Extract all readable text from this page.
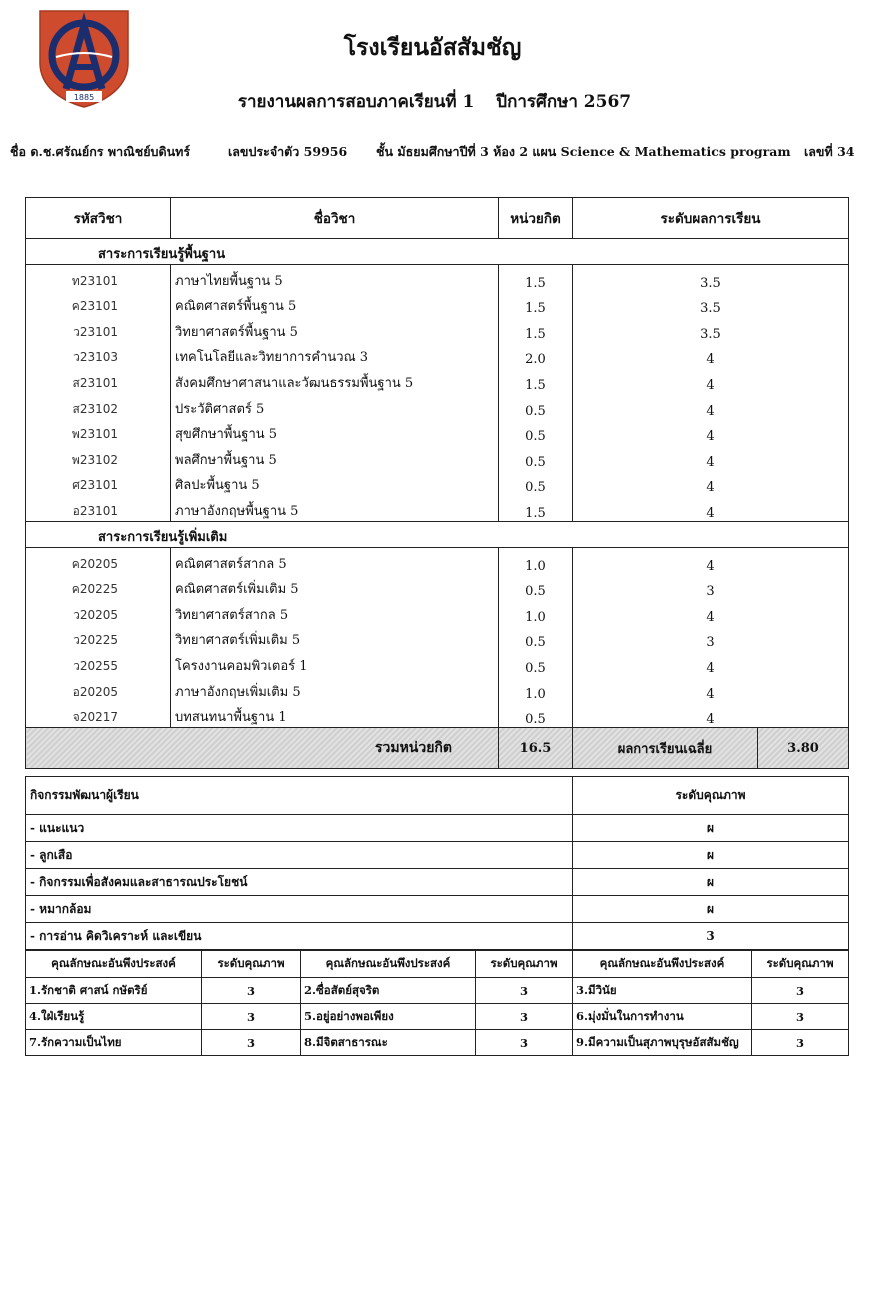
1885
โรงเรียนอัสสัมชัญ
รายงานผลการสอบภาคเรียนที่ 1 ปีการศึกษา 2567
ชื่อ ด.ช.ศรัณย์กร พาณิชย์บดินทร์	เลขประจำตัว 59956 ชั้น มัธยมศึกษาปีที่ 3 ห้อง 2 แผน Science & Mathematics program เลขที่ 34
รหัสวิชา	ชื่อวิชา	หน่วยกิต	ระดับผลการเรียน	
สาระการเรียนรู้พื้นฐาน				
ท23101	ภาษาไทยพื้นฐาน 5	1.5	3.5	
ค23101	คณิตศาสตร์พื้นฐาน 5	1.5	3.5	
ว23101	วิทยาศาสตร์พื้นฐาน 5	1.5	3.5	
ว23103	เทคโนโลยีและวิทยาการคำนวณ 3	2.0	4	
ส23101	สังคมศึกษาศาสนาและวัฒนธรรมพื้นฐาน 5	1.5	4	
ส23102	ประวัติศาสตร์ 5	0.5	4	
พ23101	สุขศึกษาพื้นฐาน 5	0.5	4	
พ23102	พลศึกษาพื้นฐาน 5	0.5	4	
ศ23101	ศิลปะพื้นฐาน 5	0.5	4	
อ23101	ภาษาอังกฤษพื้นฐาน 5	1.5	4	
สาระการเรียนรู้เพิ่มเติม				
ค20205	คณิตศาสตร์สากล 5	1.0	4	
ค20225	คณิตศาสตร์เพิ่มเติม 5	0.5	3	
ว20205	วิทยาศาสตร์สากล 5	1.0	4	
ว20225	วิทยาศาสตร์เพิ่มเติม 5	0.5	3	
ว20255	โครงงานคอมพิวเตอร์ 1	0.5	4	
อ20205	ภาษาอังกฤษเพิ่มเติม 5	1.0	4	
จ20217	บทสนทนาพื้นฐาน 1	0.5	4	
รวมหน่วยกิต		16.5	ผลการเรียนเฉลี่ย	3.80
กิจกรรมพัฒนาผู้เรียน	ระดับคุณภาพ
- แนะแนว	ผ
- ลูกเสือ	ผ
- กิจกรรมเพื่อสังคมและสาธารณประโยชน์	ผ
- หมากล้อม	ผ
- การอ่าน คิดวิเคราะห์ และเขียน	3
คุณลักษณะอันพึงประสงค์	ระดับคุณภาพ	คุณลักษณะอันพึงประสงค์	ระดับคุณภาพ	คุณลักษณะอันพึงประสงค์	ระดับคุณภาพ
1.รักชาติ ศาสน์ กษัตริย์	3	2.ซื่อสัตย์สุจริต	3	3.มีวินัย	3
4.ใฝ่เรียนรู้	3	5.อยู่อย่างพอเพียง	3	6.มุ่งมั่นในการทำงาน	3
7.รักความเป็นไทย	3	8.มีจิตสาธารณะ	3	9.มีความเป็นสุภาพบุรุษอัสสัมชัญ	3
